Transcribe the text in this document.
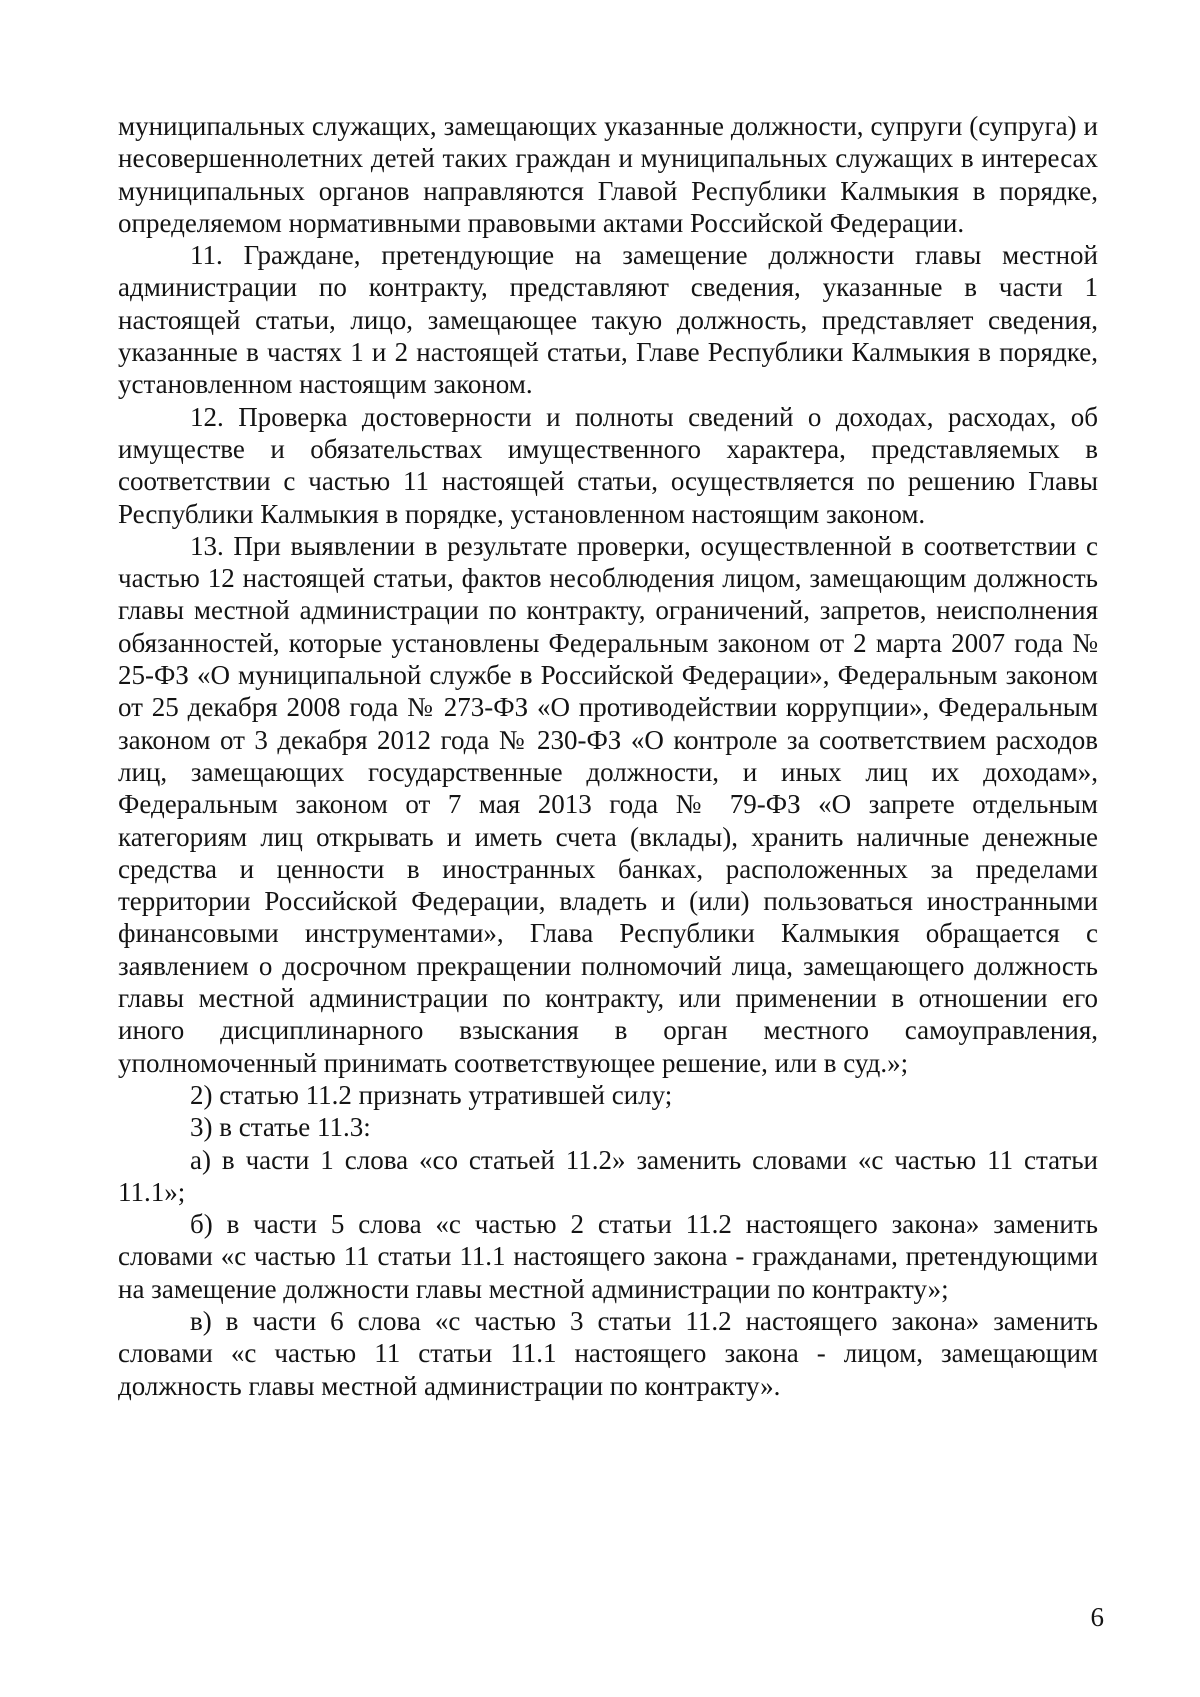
муниципальных служащих, замещающих указанные должности, супруги (супруга) и несовершеннолетних детей таких граждан и муниципальных служащих в интересах муниципальных органов направляются Главой Республики Калмыкия в порядке, определяемом нормативными правовыми актами Российской Федерации.

11. Граждане, претендующие на замещение должности главы местной администрации по контракту, представляют сведения, указанные в части 1 настоящей статьи, лицо, замещающее такую должность, представляет сведения, указанные в частях 1 и 2 настоящей статьи, Главе Республики Калмыкия в порядке, установленном настоящим законом.

12. Проверка достоверности и полноты сведений о доходах, расходах, об имуществе и обязательствах имущественного характера, представляемых в соответствии с частью 11 настоящей статьи, осуществляется по решению Главы Республики Калмыкия в порядке, установленном настоящим законом.

13. При выявлении в результате проверки, осуществленной в соответствии с частью 12 настоящей статьи, фактов несоблюдения лицом, замещающим должность главы местной администрации по контракту, ограничений, запретов, неисполнения обязанностей, которые установлены Федеральным законом от 2 марта 2007 года № 25-ФЗ «О муниципальной службе в Российской Федерации», Федеральным законом от 25 декабря 2008 года № 273-ФЗ «О противодействии коррупции», Федеральным законом от 3 декабря 2012 года № 230-ФЗ «О контроле за соответствием расходов лиц, замещающих государственные должности, и иных лиц их доходам», Федеральным законом от 7 мая 2013 года № 79-ФЗ «О запрете отдельным категориям лиц открывать и иметь счета (вклады), хранить наличные денежные средства и ценности в иностранных банках, расположенных за пределами территории Российской Федерации, владеть и (или) пользоваться иностранными финансовыми инструментами», Глава Республики Калмыкия обращается с заявлением о досрочном прекращении полномочий лица, замещающего должность главы местной администрации по контракту, или применении в отношении его иного дисциплинарного взыскания в орган местного самоуправления, уполномоченный принимать соответствующее решение, или в суд.»;

2) статью 11.2 признать утратившей силу;

3) в статье 11.3:

а) в части 1 слова «со статьей 11.2» заменить словами «с частью 11 статьи 11.1»;

б) в части 5 слова «с частью 2 статьи 11.2 настоящего закона» заменить словами «с частью 11 статьи 11.1 настоящего закона - гражданами, претендующими на замещение должности главы местной администрации по контракту»;

в) в части 6 слова «с частью 3 статьи 11.2 настоящего закона» заменить словами «с частью 11 статьи 11.1 настоящего закона - лицом, замещающим должность главы местной администрации по контракту».

6
